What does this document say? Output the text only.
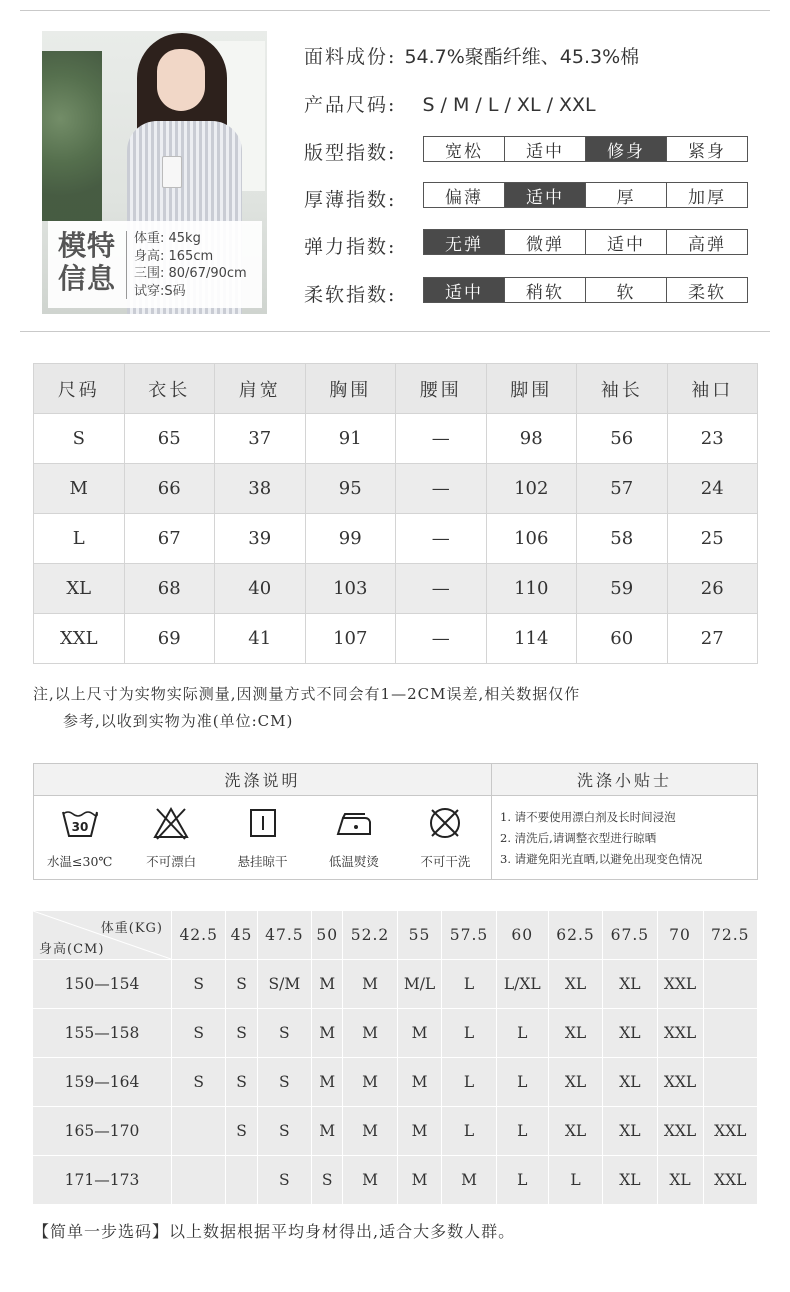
模特
信息
体重: 45kg
身高: 165cm
三围: 80/67/90cm
试穿:S码
面料成份: 54.7%聚酯纤维、45.3%棉
产品尺码: S / M / L / XL / XXL
版型指数:	宽松	适中	修身	紧身
厚薄指数:	偏薄	适中	厚	加厚
弹力指数:	无弹	微弹	适中	高弹
柔软指数:	适中	稍软	软	柔软
尺码	衣长	肩宽	胸围	腰围	脚围	袖长	袖口
S	65	37	91	—	98	56	23
M	66	38	95	—	102	57	24
L	67	39	99	—	106	58	25
XL	68	40	103	—	110	59	26
XXL	69	41	107	—	114	60	27
注,以上尺寸为实物实际测量,因测量方式不同会有1—2CM误差,相关数据仅作
参考,以收到实物为准(单位:CM)
洗涤说明	洗涤小贴士
30
水温≤30℃	不可漂白	悬挂晾干	低温熨烫	不可干洗
1. 请不要使用漂白剂及长时间浸泡
2. 清洗后,请调整衣型进行晾晒
3. 请避免阳光直晒,以避免出现变色情况
体重(KG)
身高(CM)	42.5	45	47.5	50	52.2	55	57.5	60	62.5	67.5	70	72.5
150—154	S	S	S/M	M	M	M/L	L	L/XL	XL	XL	XXL	
155—158	S	S	S	M	M	M	L	L	XL	XL	XXL	
159—164	S	S	S	M	M	M	L	L	XL	XL	XXL	
165—170		S	S	M	M	M	L	L	XL	XL	XXL	XXL
171—173			S	S	M	M	M	L	L	XL	XL	XXL
【简单一步选码】以上数据根据平均身材得出,适合大多数人群。
